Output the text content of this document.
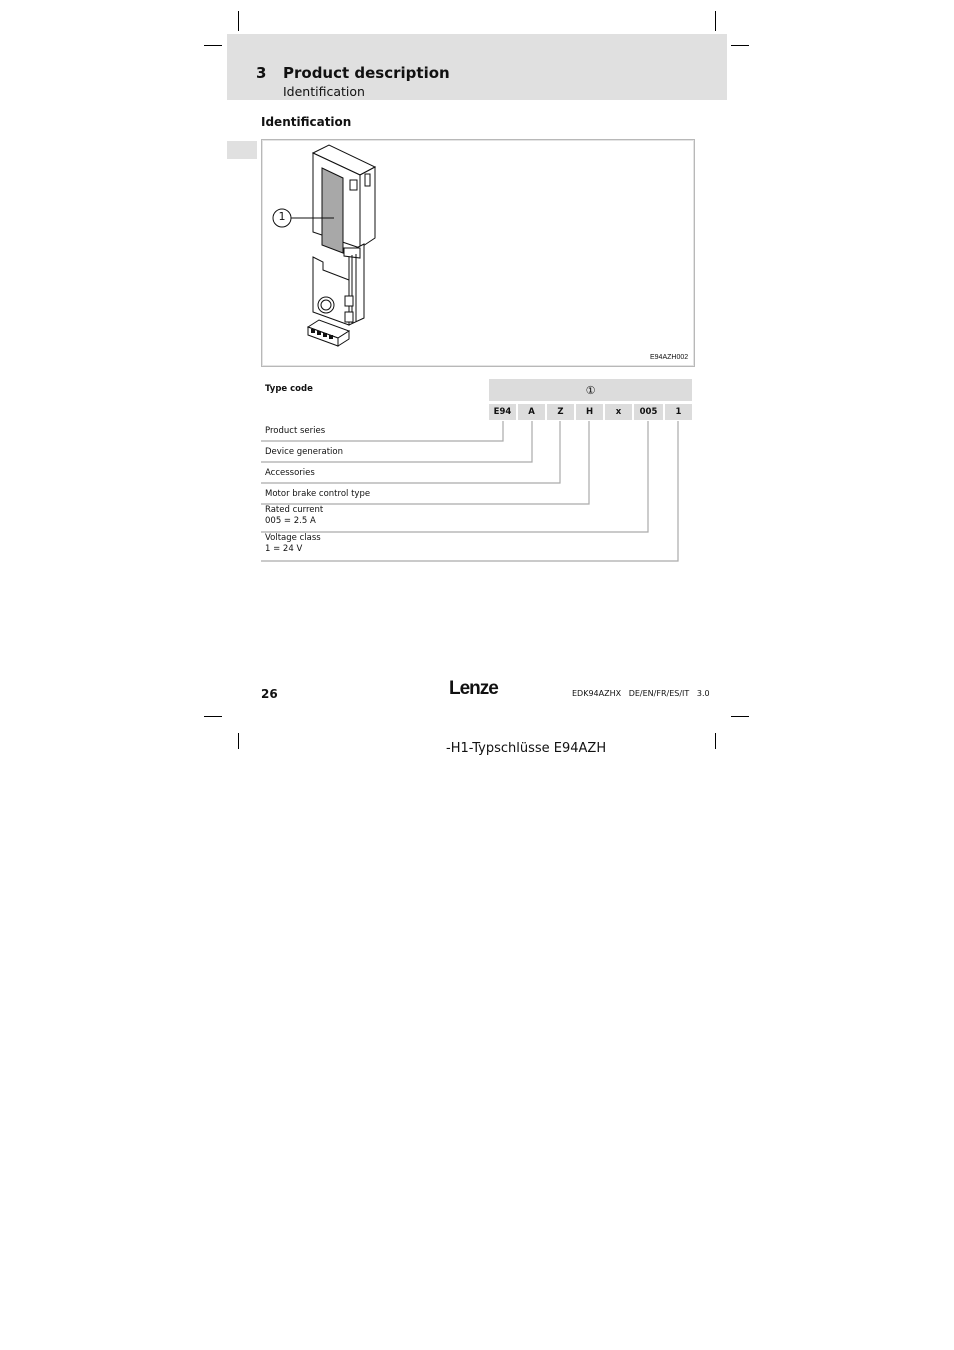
3 Product description
Identification
Identification
1
E94AZH002
Type code	①
E94	A	Z	H	x	005	1
Product series
Device generation
Accessories
Motor brake control type
Rated current
005 = 2.5 A
Voltage class
1 = 24 V
26	Lenze	EDK94AZHX   DE/EN/FR/ES/IT   3.0
-H1-Typschlüsse E94AZH
